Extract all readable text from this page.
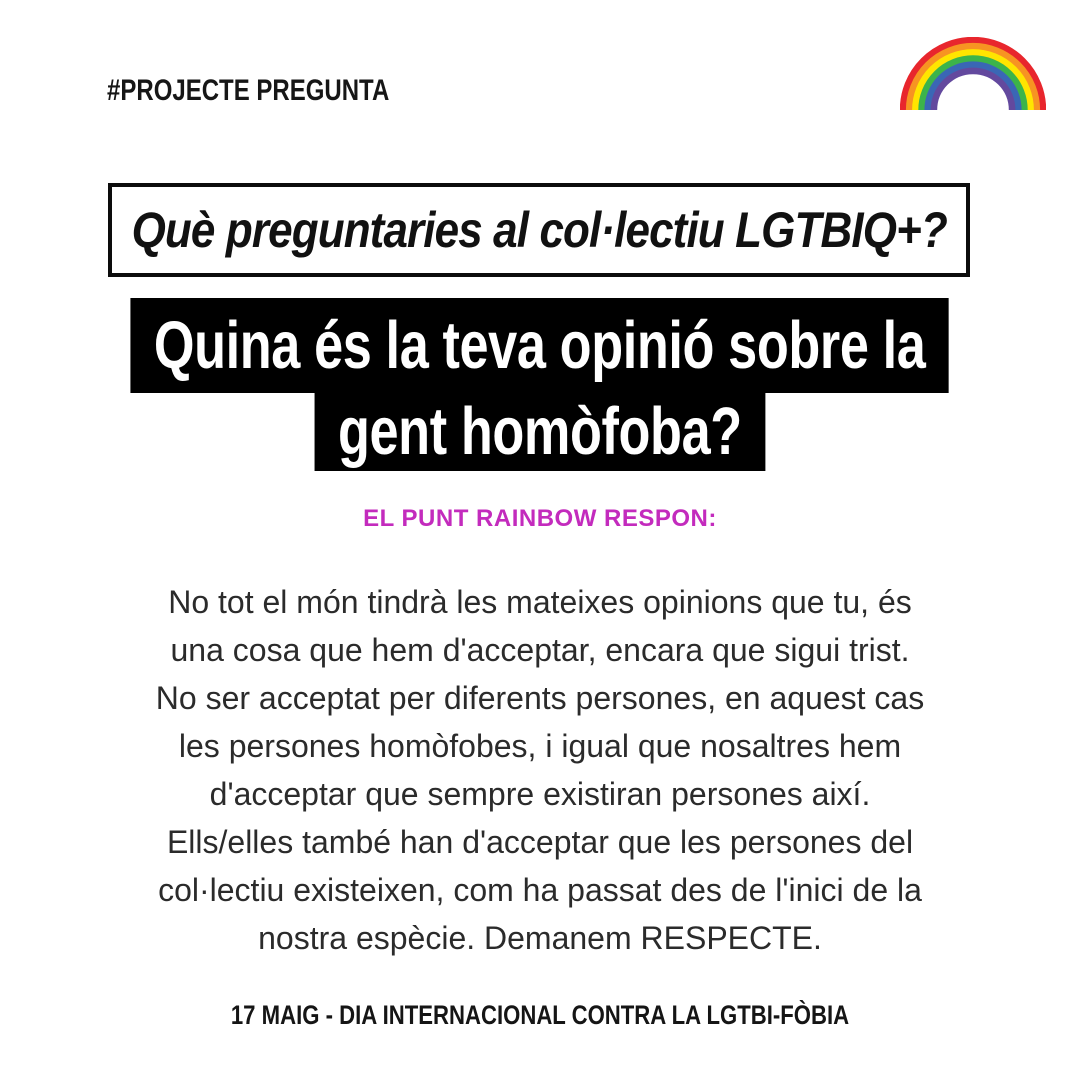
#PROJECTE PREGUNTA
Què preguntaries al col·lectiu LGTBIQ+?
Quina és la teva opinió sobre la
gent homòfoba?
EL PUNT RAINBOW RESPON:
No tot el món tindrà les mateixes opinions que tu, és
una cosa que hem d'acceptar, encara que sigui trist.
No ser acceptat per diferents persones, en aquest cas
les persones homòfobes, i igual que nosaltres hem
d'acceptar que sempre existiran persones així.
Ells/elles també han d'acceptar que les persones del
col·lectiu existeixen, com ha passat des de l'inici de la
nostra espècie. Demanem RESPECTE.
17 MAIG - DIA INTERNACIONAL CONTRA LA LGTBI-FÒBIA
